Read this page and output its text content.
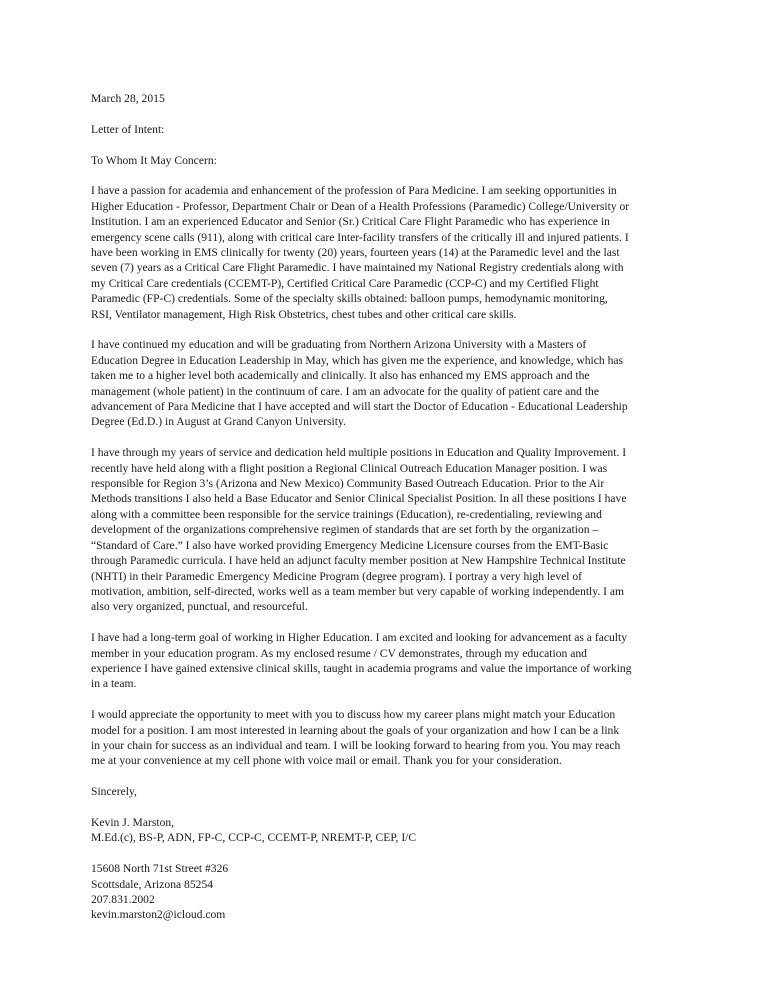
March 28, 2015

Letter of Intent:

To Whom It May Concern:

I have a passion for academia and enhancement of the profession of Para Medicine. I am seeking opportunities in
Higher Education - Professor, Department Chair or Dean of a Health Professions (Paramedic) College/University or
Institution. I am an experienced Educator and Senior (Sr.) Critical Care Flight Paramedic who has experience in
emergency scene calls (911), along with critical care Inter-facility transfers of the critically ill and injured patients. I
have been working in EMS clinically for twenty (20) years, fourteen years (14) at the Paramedic level and the last
seven (7) years as a Critical Care Flight Paramedic. I have maintained my National Registry credentials along with
my Critical Care credentials (CCEMT-P), Certified Critical Care Paramedic (CCP-C) and my Certified Flight
Paramedic (FP-C) credentials. Some of the specialty skills obtained: balloon pumps, hemodynamic monitoring,
RSI, Ventilator management, High Risk Obstetrics, chest tubes and other critical care skills.

I have continued my education and will be graduating from Northern Arizona University with a Masters of
Education Degree in Education Leadership in May, which has given me the experience, and knowledge, which has
taken me to a higher level both academically and clinically. It also has enhanced my EMS approach and the
management (whole patient) in the continuum of care. I am an advocate for the quality of patient care and the
advancement of Para Medicine that I have accepted and will start the Doctor of Education - Educational Leadership
Degree (Ed.D.) in August at Grand Canyon University.

I have through my years of service and dedication held multiple positions in Education and Quality Improvement. I
recently have held along with a flight position a Regional Clinical Outreach Education Manager position. I was
responsible for Region 3’s (Arizona and New Mexico) Community Based Outreach Education. Prior to the Air
Methods transitions I also held a Base Educator and Senior Clinical Specialist Position. In all these positions I have
along with a committee been responsible for the service trainings (Education), re-credentialing, reviewing and
development of the organizations comprehensive regimen of standards that are set forth by the organization –
“Standard of Care.” I also have worked providing Emergency Medicine Licensure courses from the EMT-Basic
through Paramedic curricula. I have held an adjunct faculty member position at New Hampshire Technical Institute
(NHTI) in their Paramedic Emergency Medicine Program (degree program). I portray a very high level of
motivation, ambition, self-directed, works well as a team member but very capable of working independently. I am
also very organized, punctual, and resourceful.

I have had a long-term goal of working in Higher Education. I am excited and looking for advancement as a faculty
member in your education program. As my enclosed resume / CV demonstrates, through my education and
experience I have gained extensive clinical skills, taught in academia programs and value the importance of working
in a team.

I would appreciate the opportunity to meet with you to discuss how my career plans might match your Education
model for a position. I am most interested in learning about the goals of your organization and how I can be a link
in your chain for success as an individual and team. I will be looking forward to hearing from you. You may reach
me at your convenience at my cell phone with voice mail or email. Thank you for your consideration.

Sincerely,

Kevin J. Marston,
M.Ed.(c), BS-P, ADN, FP-C, CCP-C, CCEMT-P, NREMT-P, CEP, I/C

15608 North 71st Street #326
Scottsdale, Arizona 85254
207.831.2002
kevin.marston2@icloud.com
